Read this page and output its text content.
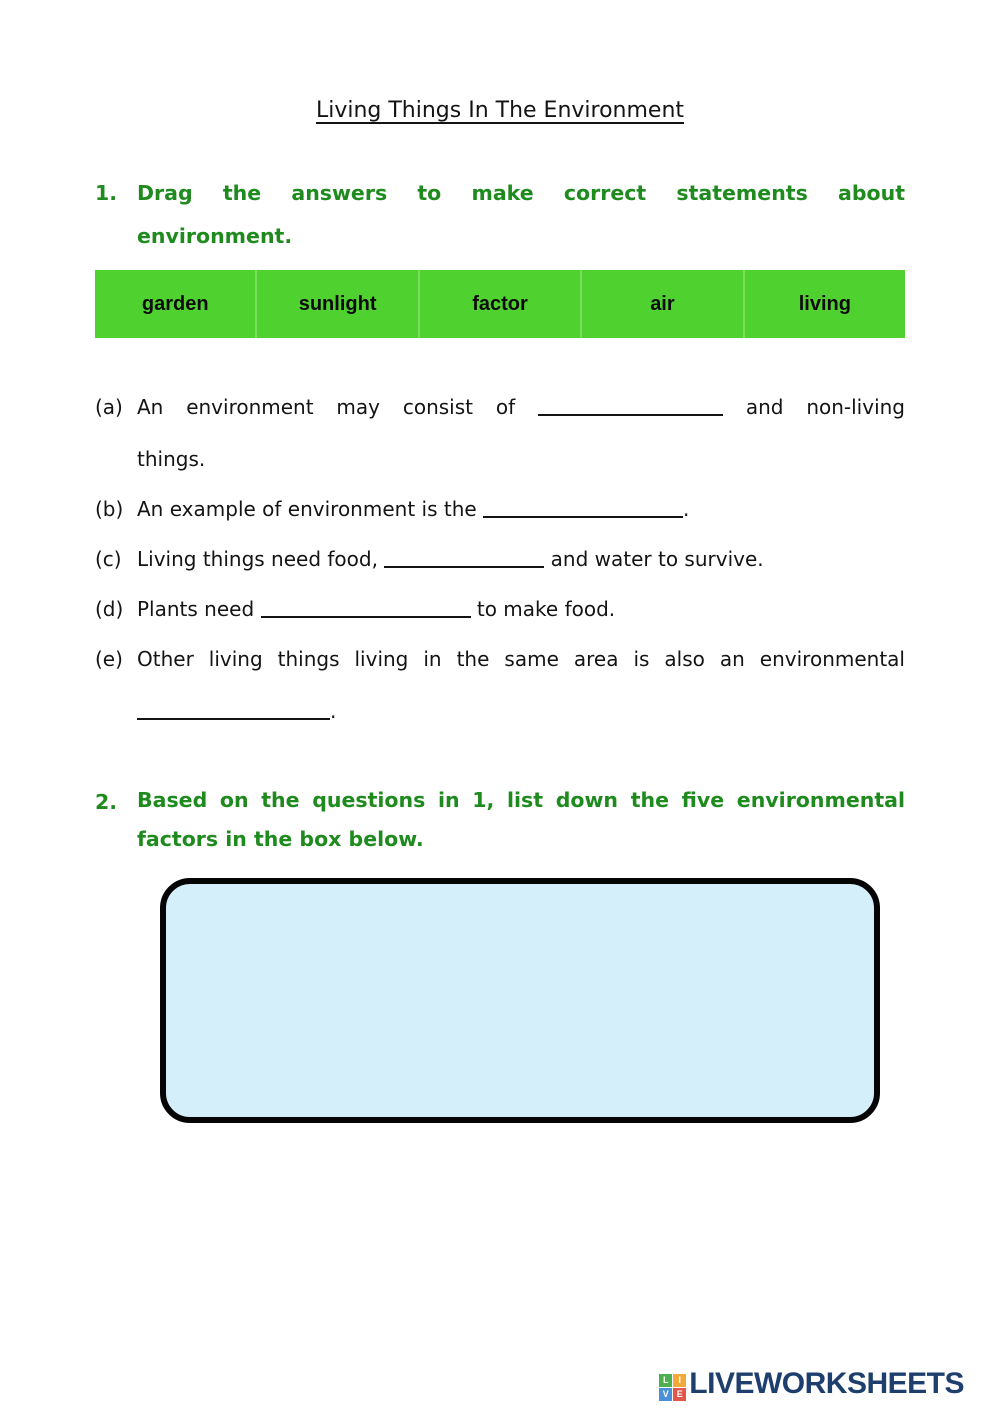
Living Things In The Environment
1. Drag the answers to make correct statements about
environment.
garden	sunlight	factor	air	living
(a) An environment may consist of	and non-living
things.
(b) An example of environment is the	.
(c) Living things need food,	and water to survive.
(d) Plants need	to make food.
(e) Other living things living in the same area is also an environmental
.
2. Based on the questions in 1, list down the five environmental
factors in the box below.
L	I
V E LIVEWORKSHEETS
